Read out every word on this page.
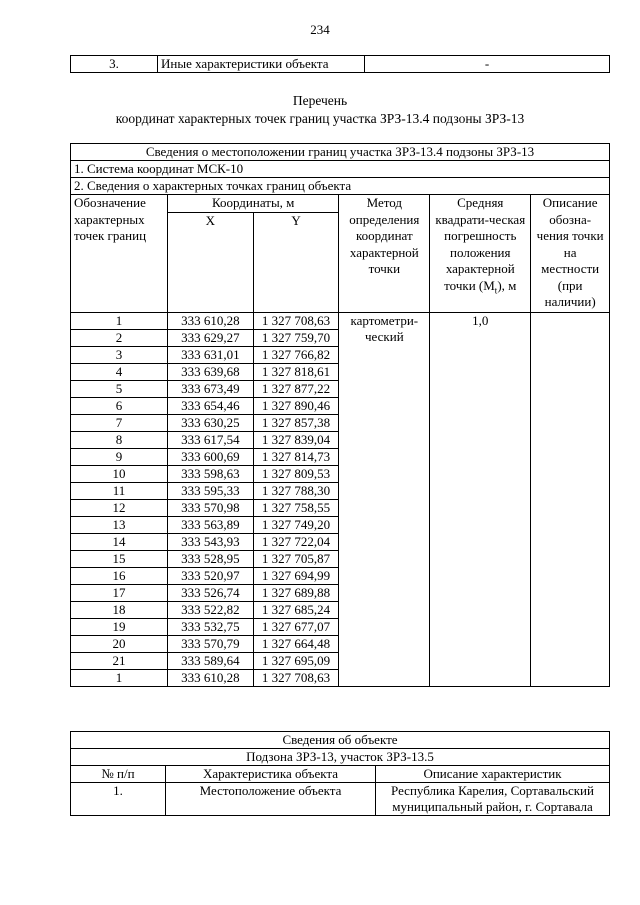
234
3.	Иные характеристики объекта	-
Перечень
координат характерных точек границ участка ЗРЗ-13.4 подзоны ЗРЗ-13
Сведения о местоположении границ участка ЗРЗ-13.4 подзоны ЗРЗ-13					
1. Система координат МСК-10					
2. Сведения о характерных точках границ объекта					
Обозначение характерных точек границ	Координаты, м		Метод определения координат характерной точки	Средняя квадрати-ческая погрешность положения характерной точки $(M_t)$, м	Описание обозна-чения точки на местности (при наличии)
	X	Y			
1	333 610,28	1 327 708,63	картометри-ческий	1,0	
2	333 629,27	1 327 759,70			
3	333 631,01	1 327 766,82			
4	333 639,68	1 327 818,61			
5	333 673,49	1 327 877,22			
6	333 654,46	1 327 890,46			
7	333 630,25	1 327 857,38			
8	333 617,54	1 327 839,04			
9	333 600,69	1 327 814,73			
10	333 598,63	1 327 809,53			
11	333 595,33	1 327 788,30			
12	333 570,98	1 327 758,55			
13	333 563,89	1 327 749,20			
14	333 543,93	1 327 722,04			
15	333 528,95	1 327 705,87			
16	333 520,97	1 327 694,99			
17	333 526,74	1 327 689,88			
18	333 522,82	1 327 685,24			
19	333 532,75	1 327 677,07			
20	333 570,79	1 327 664,48			
21	333 589,64	1 327 695,09			
1	333 610,28	1 327 708,63			
Сведения об объекте		
Подзона ЗРЗ-13, участок ЗРЗ-13.5		
№ п/п	Характеристика объекта	Описание характеристик
1.	Местоположение объекта	Республика Карелия, Сортавальский муниципальный район, г. Сортавала
